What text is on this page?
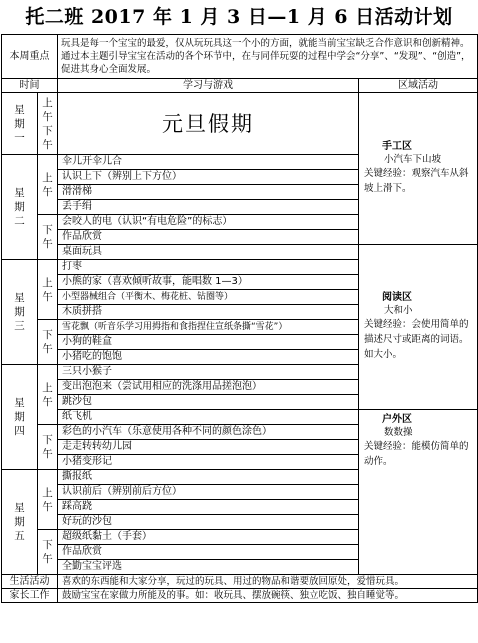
托二班 2017 年 1 月 3 日—1 月 6 日活动计划
本周重点		玩具是每一个宝宝的最爱，仅从玩玩具这一个小的方面，就能当前宝宝缺乏合作意识和创新精神。通过本主题引导宝宝在活动的各个环节中，在与同伴玩耍的过程中学会“分享”、“发现”、“创造”，促进其身心全面发展。	
时间		学习与游戏	区域活动
星期一	上午下午	元旦假期	手工区
小汽车下山坡
关键经验：观察汽车从斜坡上滑下。

星期二	上午	伞儿开伞儿合	
		认识上下（辨别上下方位）	
		滑滑梯	
		丢手绢	
	下午	会咬人的电（认识“有电危险”的标志）	
		作品欣赏	
		桌面玩具	阅读区
大和小
关键经验：会使用简单的描述尺寸或距离的词语。如大小。

星期三	上午	打枣	
		小熊的家（喜欢倾听故事，能唱数 1—3）	
		小型器械组合（平衡木、梅花桩、钻圈等）	
		木质拼搭	
	下午	雪花飘（听音乐学习用拇指和食指捏住宣纸条撕“雪花”）	
		小狗的鞋盒	
		小猪吃的饱饱	
星期四	上午	三只小猴子	
		变出泡泡来（尝试用相应的洗涤用品搓泡泡）	
		跳沙包	
		纸飞机	户外区
数数操
关键经验：能模仿简单的动作。

	下午	彩色的小汽车（乐意使用各种不同的颜色涂色）	
		走走转转幼儿园	
		小猪变形记	
星期五	上午	撕报纸	
		认识前后（辨别前后方位）	
		踩高跷	
		好玩的沙包	
	下午	超级纸黏土（手套）	
		作品欣赏	
		全勤宝宝评选	
生活活动		喜欢的东西能和大家分享，玩过的玩具、用过的物品和谐要放回原处，爱惜玩具。	
家长工作		鼓励宝宝在家做力所能及的事。如：收玩具、摆放碗筷、独立吃饭、独自睡觉等。	
